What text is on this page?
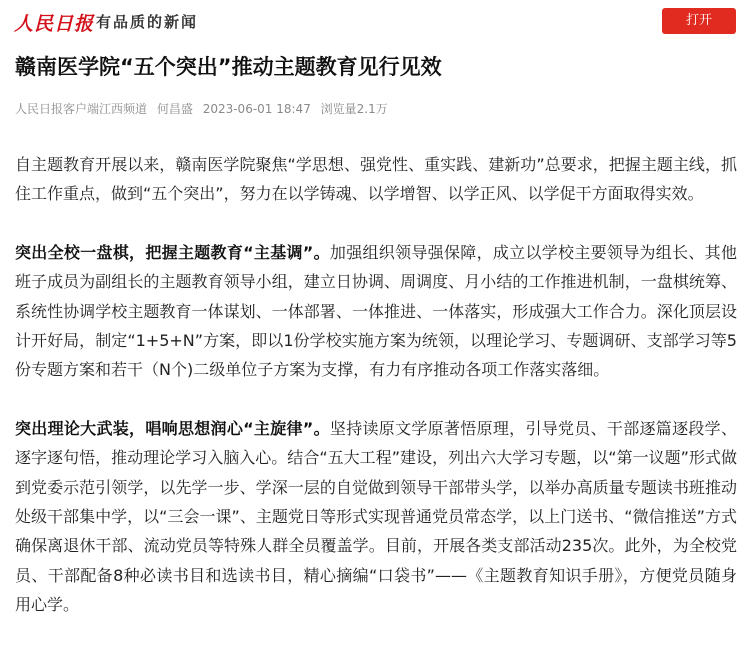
人民日报 有品质的新闻	打开
赣南医学院“五个突出”推动主题教育见行见效
人民日报客户端江西频道 何昌盛 2023-06-01 18:47 浏览量2.1万

自主题教育开展以来，赣南医学院聚焦“学思想、强党性、重实践、建新功”总要求，把握主题主线，抓住工作重点，做到“五个突出”，努力在以学铸魂、以学增智、以学正风、以学促干方面取得实效。

突出全校一盘棋，把握主题教育“主基调”。加强组织领导强保障，成立以学校主要领导为组长、其他班子成员为副组长的主题教育领导小组，建立日协调、周调度、月小结的工作推进机制，一盘棋统筹、系统性协调学校主题教育一体谋划、一体部署、一体推进、一体落实，形成强大工作合力。深化顶层设计开好局，制定“1+5+N”方案，即以1份学校实施方案为统领，以理论学习、专题调研、支部学习等5份专题方案和若干（N个)二级单位子方案为支撑，有力有序推动各项工作落实落细。

突出理论大武装，唱响思想润心“主旋律”。坚持读原文学原著悟原理，引导党员、干部逐篇逐段学、逐字逐句悟，推动理论学习入脑入心。结合“五大工程”建设，列出六大学习专题，以“第一议题”形式做到党委示范引领学，以先学一步、学深一层的自觉做到领导干部带头学，以举办高质量专题读书班推动处级干部集中学，以“三会一课”、主题党日等形式实现普通党员常态学，以上门送书、“微信推送”方式确保离退休干部、流动党员等特殊人群全员覆盖学。目前，开展各类支部活动235次。此外，为全校党员、干部配备8种必读书目和选读书目，精心摘编“口袋书”——《主题教育知识手册》，方便党员随身用心学。
